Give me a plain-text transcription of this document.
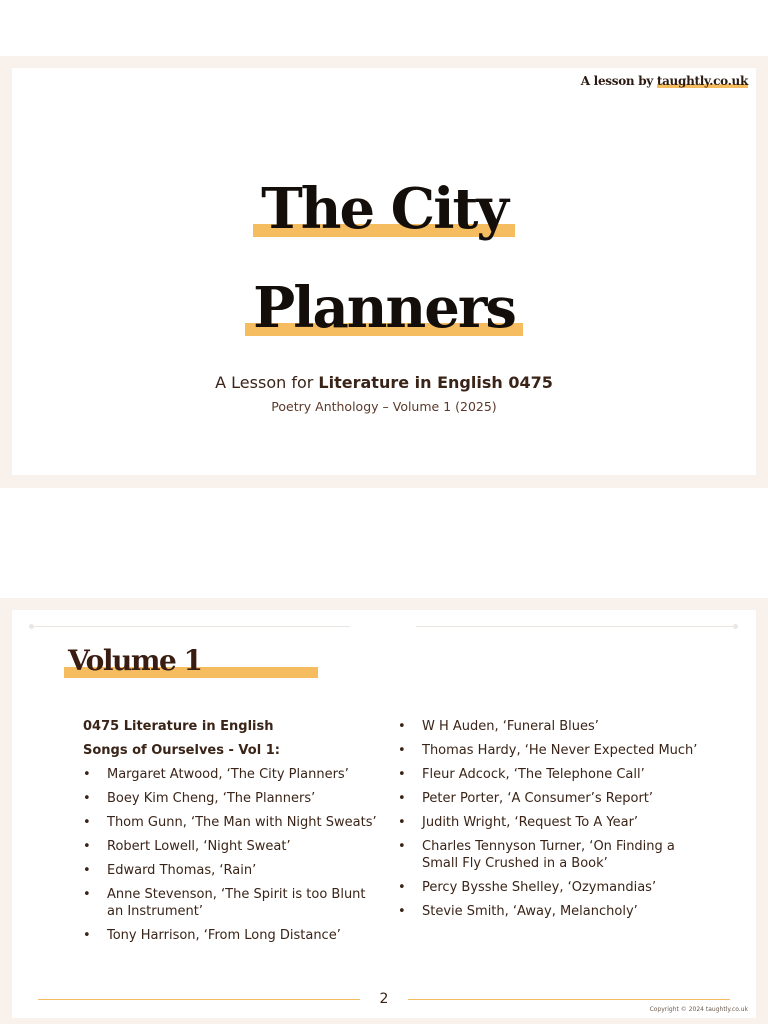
A lesson by taughtly.co.uk
The City
Planners
A Lesson for Literature in English 0475
Poetry Anthology – Volume 1 (2025)
Volume 1
0475 Literature in English
Songs of Ourselves - Vol 1:
• Margaret Atwood, ‘The City Planners’
• Boey Kim Cheng, ‘The Planners’
• Thom Gunn, ‘The Man with Night Sweats’
• Robert Lowell, ‘Night Sweat’
• Edward Thomas, ‘Rain’
• Anne Stevenson, ‘The Spirit is too Blunt an Instrument’
• Tony Harrison, ‘From Long Distance’
• W H Auden, ‘Funeral Blues’
• Thomas Hardy, ‘He Never Expected Much’
• Fleur Adcock, ‘The Telephone Call’
• Peter Porter, ‘A Consumer’s Report’
• Judith Wright, ‘Request To A Year’
• Charles Tennyson Turner, ‘On Finding a Small Fly Crushed in a Book’
• Percy Bysshe Shelley, ‘Ozymandias’
• Stevie Smith, ‘Away, Melancholy’
2
Copyright © 2024 taughtly.co.uk
